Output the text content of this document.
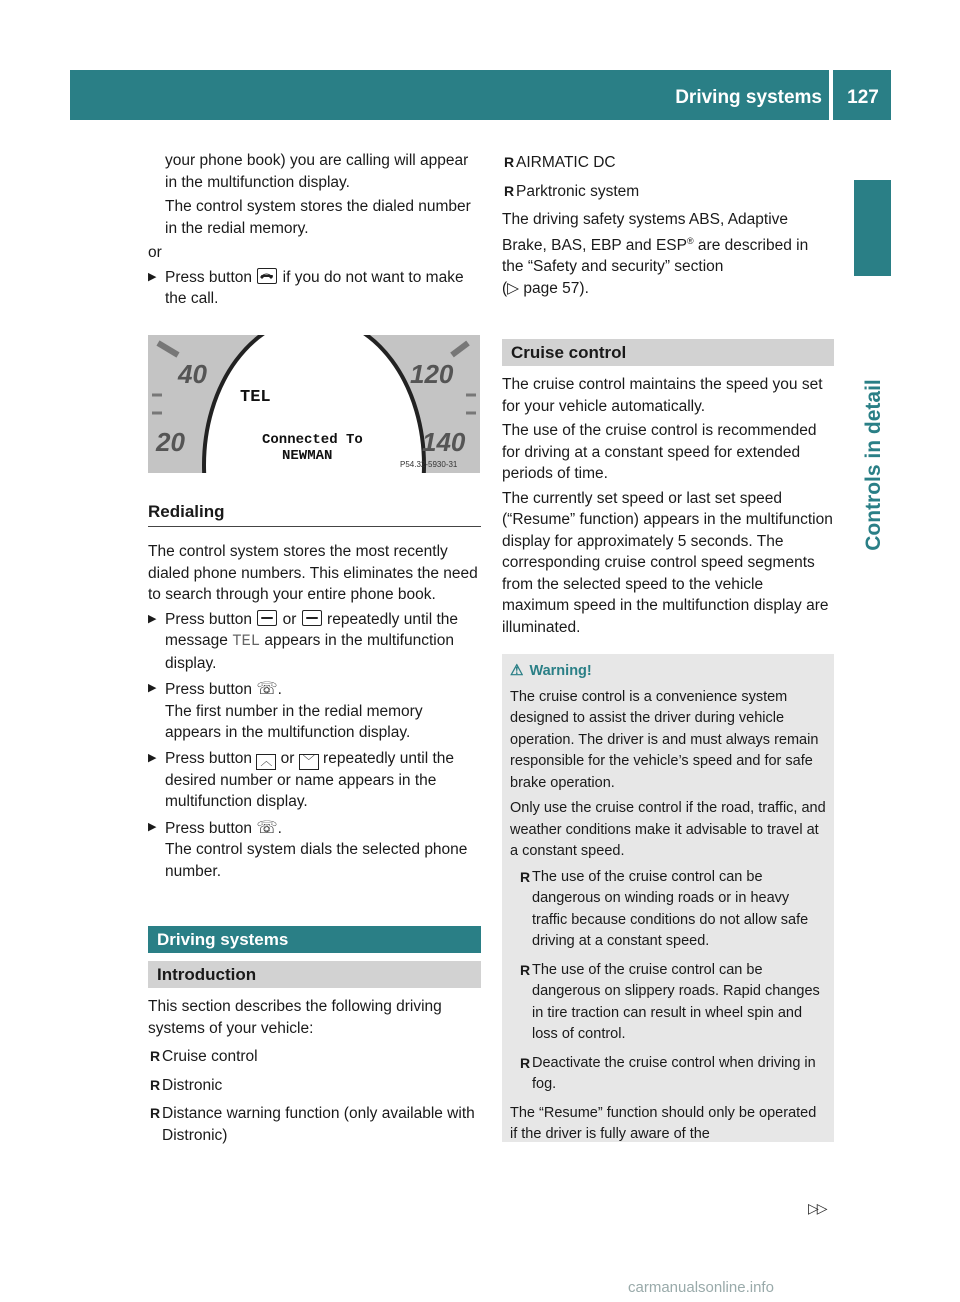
Driving systems	127
Controls in detail

your phone book) you are calling will appear in the multifunction display.

The control system stores the dialed number in the redial memory.

or

▶ Press button
if you do not want to make the call.
40
20
120
140
TEL
Connected To
NEWMAN
P54.32-5930-31
Redialing

The control system stores the most recently dialed phone numbers. This eliminates the need to search through your entire phone book.

▶ Press button  or  repeatedly until the message TEL appears in the multifunction display.
▶ Press button ☏.
The first number in the redial memory appears in the multifunction display.
▶ Press button ︿ or ﹀ repeatedly until the desired number or name appears in the multifunction display.
▶ Press button ☏.
The control system dials the selected phone number.
Driving systems
Introduction

This section describes the following driving systems of your vehicle:

R Cruise control
R Distronic
R Distance warning function (only available with Distronic)
R AIRMATIC DC
R Parktronic system

The driving safety systems ABS, Adaptive Brake, BAS, EBP and ESP® are described in the “Safety and security” section

(▷ page 57).

Cruise control

The cruise control maintains the speed you set for your vehicle automatically.

The use of the cruise control is recommended for driving at a constant speed for extended periods of time.

The currently set speed or last set speed (“Resume” function) appears in the multifunction display for approximately 5 seconds. The corresponding cruise control speed segments from the selected speed to the vehicle maximum speed in the multifunction display are illuminated.

⚠ Warning!

The cruise control is a convenience system designed to assist the driver during vehicle operation. The driver is and must always remain responsible for the vehicle’s speed and for safe brake operation.

Only use the cruise control if the road, traffic, and weather conditions make it advisable to travel at a constant speed.

R The use of the cruise control can be dangerous on winding roads or in heavy traffic because conditions do not allow safe driving at a constant speed.
R The use of the cruise control can be dangerous on slippery roads. Rapid changes in tire traction can result in wheel spin and loss of control.
R Deactivate the cruise control when driving in fog.

The “Resume” function should only be operated if the driver is fully aware of the

▷▷
carmanualsonline.info
